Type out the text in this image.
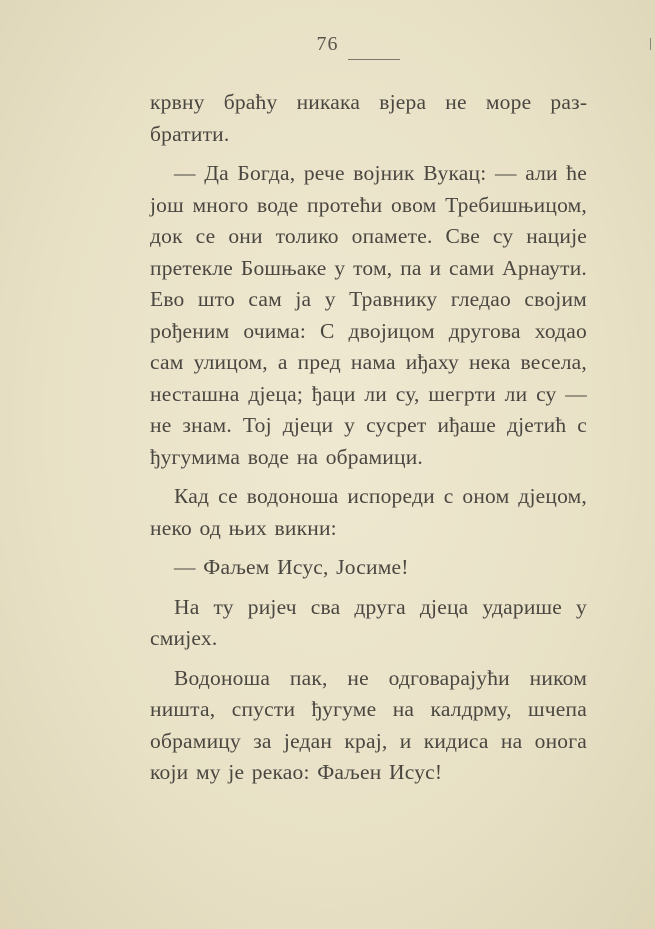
76

крвну браћу никака вјера не море разбратити.

— Да Богда, рече војник Вукац: — али ће још много воде протећи овом Требишњицом, док се они толико опамете. Све су нације претекле Бошњаке у том, па и сами Арнаути. Ево што сам ја у Травнику гледао својим рођеним очима: С двојицом другова ходао сам улицом, а пред нама иђаху нека весела, несташна дјеца; ђаци ли су, шегрти ли су — не знам. Тој дјеци у сусрет иђаше дјетић с ђугумима воде на обрамици.

Кад се водоноша испореди с оном дјецом, неко од њих викни:

— Фаљем Исус, Јосиме!

На ту ријеч сва друга дјеца ударише у смијех.

Водоноша пак, не одговарајући ником ништа, спусти ђугуме на калдрму, шчепа обрамицу за један крај, и кидиса на онога који му је рекао: Фаљен Исус!
